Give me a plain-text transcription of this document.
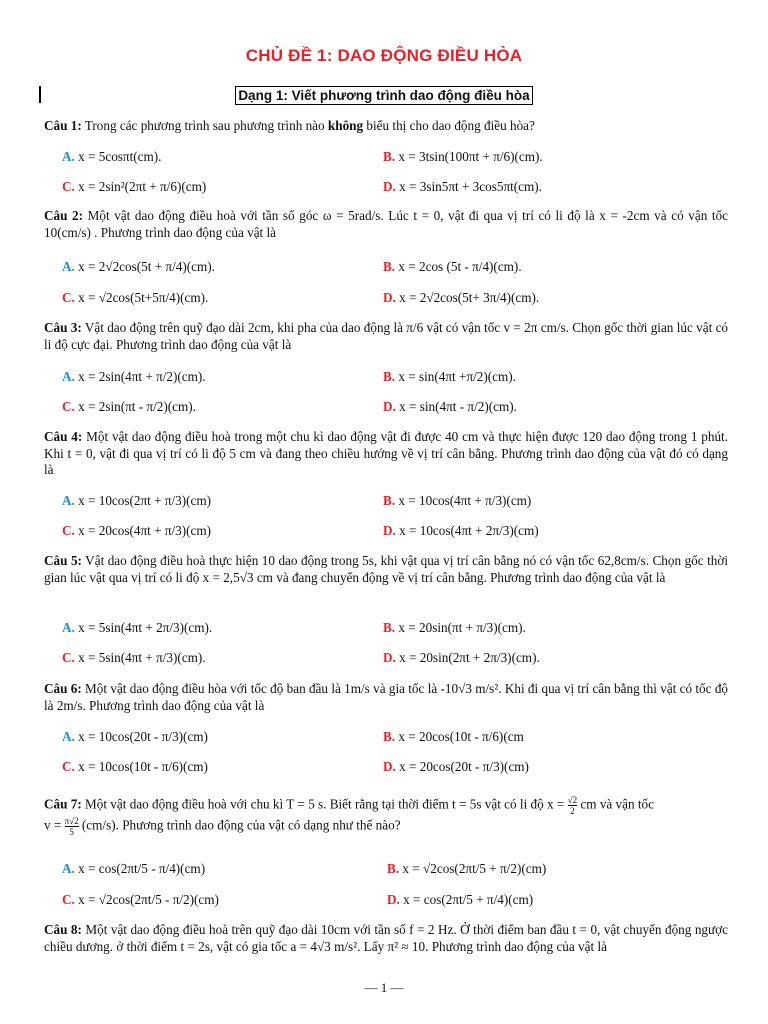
CHỦ ĐỀ 1: DAO ĐỘNG ĐIỀU HÒA
Dạng 1: Viết phương trình dao động điều hòa
Câu 1: Trong các phương trình sau phương trình nào không biểu thị cho dao động điều hòa?
A. x = 5cosπt(cm).	B. x = 3tsin(100πt + π/6)(cm).
C. x = 2sin²(2πt + π/6)(cm)	D. x = 3sin5πt + 3cos5πt(cm).
Câu 2: Một vật dao động điều hoà với tần số góc ω = 5rad/s. Lúc t = 0, vật đi qua vị trí có li độ là x = -2cm và có vận tốc 10(cm/s) . Phương trình dao động của vật là
A. x = 2√2cos(5t + π/4)(cm).	B. x = 2cos (5t - π/4)(cm).
C. x = √2cos(5t+5π/4)(cm).	D. x = 2√2cos(5t+ 3π/4)(cm).
Câu 3: Vật dao động trên quỹ đạo dài 2cm, khi pha của dao động là π/6 vật có vận tốc v = 2π cm/s. Chọn gốc thời gian lúc vật có li độ cực đại. Phương trình dao động của vật là
A. x = 2sin(4πt + π/2)(cm).	B. x = sin(4πt +π/2)(cm).
C. x = 2sin(πt - π/2)(cm).	D. x = sin(4πt - π/2)(cm).
Câu 4: Một vật dao động điều hoà trong một chu kì dao động vật đi được 40 cm và thực hiện được 120 dao động trong 1 phút. Khi t = 0, vật đi qua vị trí có li độ 5 cm và đang theo chiều hướng về vị trí cân bằng. Phương trình dao động của vật đó có dạng là
A. x = 10cos(2πt + π/3)(cm)	B. x = 10cos(4πt + π/3)(cm)
C. x = 20cos(4πt + π/3)(cm)	D. x = 10cos(4πt + 2π/3)(cm)
Câu 5: Vật dao động điều hoà thực hiện 10 dao động trong 5s, khi vật qua vị trí cân bằng nó có vận tốc 62,8cm/s. Chọn gốc thời gian lúc vật qua vị trí có li độ x = 2,5√3 cm và đang chuyển động về vị trí cân bằng. Phương trình dao động của vật là
A. x = 5sin(4πt + 2π/3)(cm).	B. x = 20sin(πt + π/3)(cm).
C. x = 5sin(4πt + π/3)(cm).	D. x = 20sin(2πt + 2π/3)(cm).
Câu 6: Một vật dao động điều hòa với tốc độ ban đầu là 1m/s và gia tốc là -10√3 m/s². Khi đi qua vị trí cân bằng thì vật có tốc độ là 2m/s. Phương trình dao động của vật là
A. x = 10cos(20t - π/3)(cm)	B. x = 20cos(10t - π/6)(cm
C. x = 10cos(10t - π/6)(cm)	D. x = 20cos(20t - π/3)(cm)
Câu 7: Một vật dao động điều hoà với chu kì T = 5 s. Biết rằng tại thời điểm t = 5s vật có li độ $x = \frac{√2}{2}$ cm và vận tốc
$v = \frac{\pi√2}{5} (cm/s)$. Phương trình dao động của vật có dạng như thế nào?
A. x = cos(2πt/5 - π/4)(cm)	B. x = √2cos(2πt/5 + π/2)(cm)
C. x = √2cos(2πt/5 - π/2)(cm)	D. x = cos(2πt/5 + π/4)(cm)
Câu 8: Một vật dao động điều hoà trên quỹ đạo dài 10cm với tần số f = 2 Hz. Ở thời điểm ban đầu t = 0, vật chuyển động ngược chiều dương. ở thời điểm t = 2s, vật có gia tốc a = 4√3 m/s². Lấy π² ≈ 10. Phương trình dao động của vật là
— 1 —
